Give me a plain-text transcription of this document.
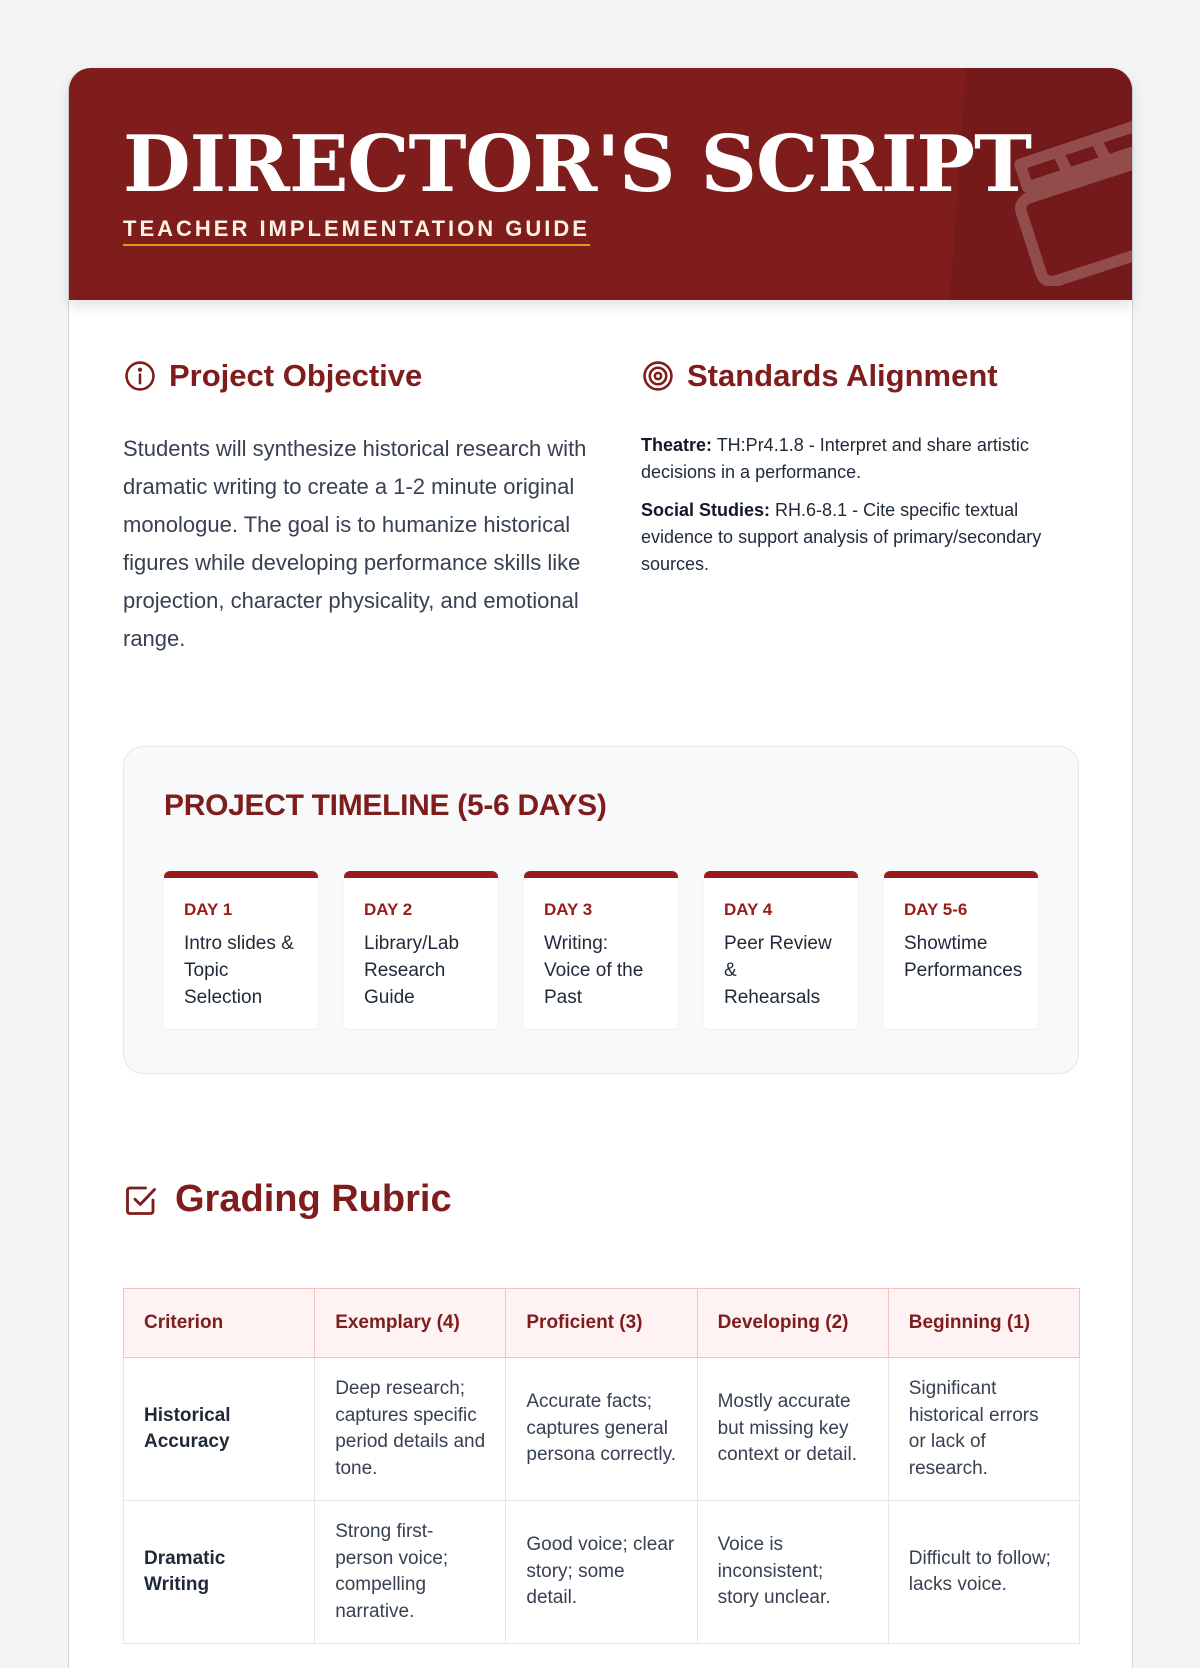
DIRECTOR'S SCRIPT
TEACHER IMPLEMENTATION GUIDE
Project Objective

Students will synthesize historical research with dramatic writing to create a 1-2 minute original monologue. The goal is to humanize historical figures while developing performance skills like projection, character physicality, and emotional range.

Standards Alignment

Theatre: TH:Pr4.1.8 - Interpret and share artistic decisions in a performance.

Social Studies: RH.6-8.1 - Cite specific textual evidence to support analysis of primary/secondary sources.

PROJECT TIMELINE (5-6 DAYS)
DAY 1
Intro slides & Topic Selection
DAY 2
Library/Lab Research Guide
DAY 3
Writing: Voice of the Past
DAY 4
Peer Review & Rehearsals
DAY 5-6
Showtime Performances
Grading Rubric
Criterion	Exemplary (4)	Proficient (3)	Developing (2)	Beginning (1)
Historical Accuracy	Deep research; captures specific period details and tone.	Accurate facts; captures general persona correctly.	Mostly accurate but missing key context or detail.	Significant historical errors or lack of research.
Dramatic Writing	Strong first-person voice; compelling narrative.	Good voice; clear story; some detail.	Voice is inconsistent; story unclear.	Difficult to follow; lacks voice.
